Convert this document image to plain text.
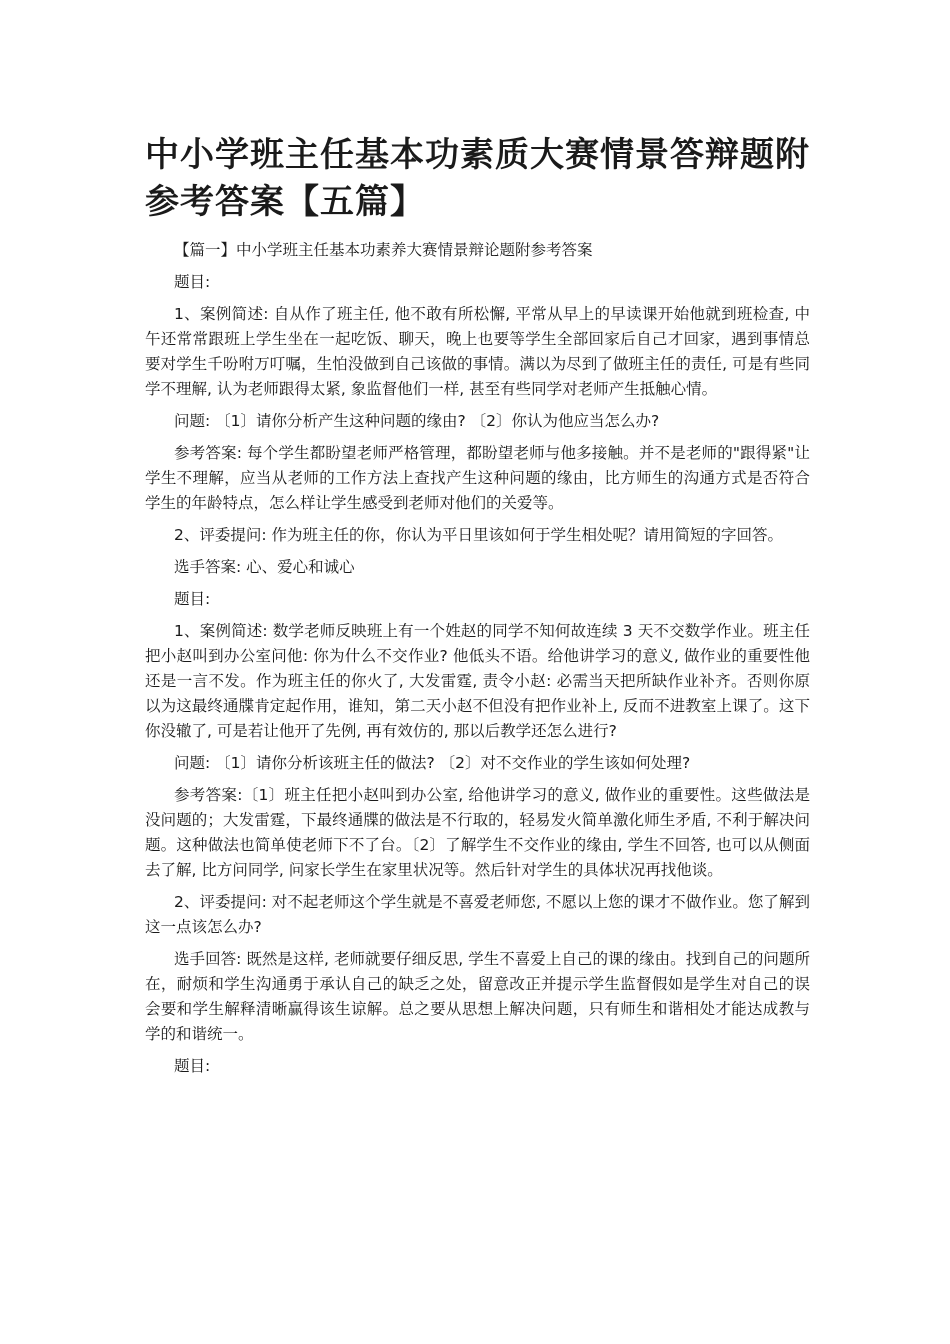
中小学班主任基本功素质大赛情景答辩题附参考答案【五篇】

【篇一】中小学班主任基本功素养大赛情景辩论题附参考答案

题目:

1、案例简述: 自从作了班主任, 他不敢有所松懈, 平常从早上的早读课开始他就到班检查, 中午还常常跟班上学生坐在一起吃饭、聊天，晚上也要等学生全部回家后自己才回家，遇到事情总要对学生千吩咐万叮嘱，生怕没做到自己该做的事情。满以为尽到了做班主任的责任, 可是有些同学不理解, 认为老师跟得太紧, 象监督他们一样, 甚至有些同学对老师产生抵触心情。

问题: 〔1〕请你分析产生这种问题的缘由? 〔2〕你认为他应当怎么办?

参考答案: 每个学生都盼望老师严格管理，都盼望老师与他多接触。并不是老师的"跟得紧"让学生不理解，应当从老师的工作方法上查找产生这种问题的缘由，比方师生的沟通方式是否符合学生的年龄特点，怎么样让学生感受到老师对他们的关爱等。

2、评委提问: 作为班主任的你，你认为平日里该如何于学生相处呢？请用简短的字回答。

选手答案: 心、爱心和诚心

题目:

1、案例简述: 数学老师反映班上有一个姓赵的同学不知何故连续 3 天不交数学作业。班主任把小赵叫到办公室问他: 你为什么不交作业? 他低头不语。给他讲学习的意义, 做作业的重要性他还是一言不发。作为班主任的你火了, 大发雷霆, 责令小赵: 必需当天把所缺作业补齐。否则你原以为这最终通牒肯定起作用，谁知，第二天小赵不但没有把作业补上, 反而不进教室上课了。这下你没辙了, 可是若让他开了先例, 再有效仿的, 那以后教学还怎么进行?

问题: 〔1〕请你分析该班主任的做法? 〔2〕对不交作业的学生该如何处理?

参考答案:〔1〕班主任把小赵叫到办公室, 给他讲学习的意义, 做作业的重要性。这些做法是没问题的；大发雷霆，下最终通牒的做法是不行取的，轻易发火简单激化师生矛盾, 不利于解决问题。这种做法也简单使老师下不了台。〔2〕了解学生不交作业的缘由, 学生不回答, 也可以从侧面去了解, 比方问同学, 问家长学生在家里状况等。然后针对学生的具体状况再找他谈。

2、评委提问: 对不起老师这个学生就是不喜爱老师您, 不愿以上您的课才不做作业。您了解到这一点该怎么办?

选手回答: 既然是这样, 老师就要仔细反思, 学生不喜爱上自己的课的缘由。找到自己的问题所在，耐烦和学生沟通勇于承认自己的缺乏之处，留意改正并提示学生监督假如是学生对自己的误会要和学生解释清晰赢得该生谅解。总之要从思想上解决问题，只有师生和谐相处才能达成教与学的和谐统一。

题目:
